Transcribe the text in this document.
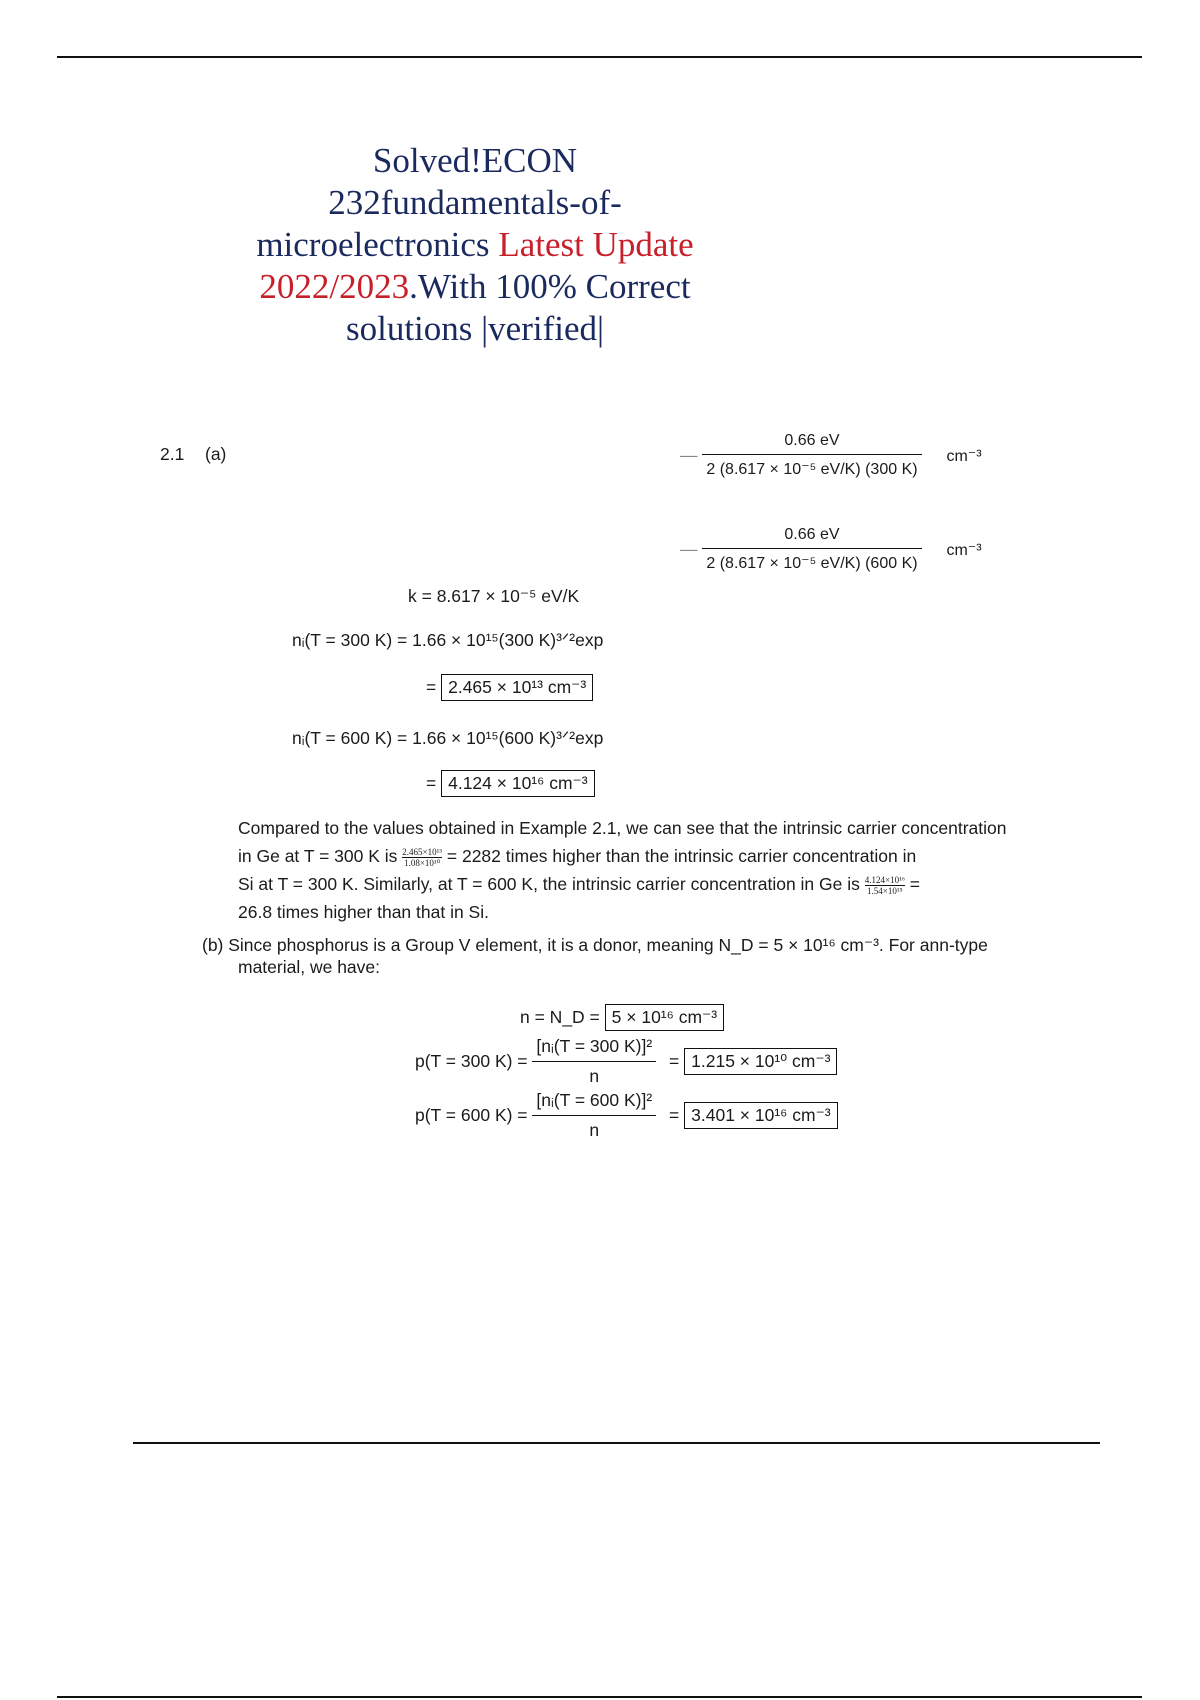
Solved!ECON 232fundamentals-of-microelectronics Latest Update 2022/2023.With 100% Correct solutions |verified|
2.1 (a)	— $\frac{0.66 eV}{\text{2 (8.617 × 10⁻⁵ eV/K) (300 K)}} cm^{-3}$
— $\frac{0.66 eV}{\text{2 (8.617 × 10⁻⁵ eV/K) (600 K)}} cm^{-3}$
k = 8.617 × 10⁻⁵ eV/K
nᵢ(T = 300 K) = 1.66 × 10¹⁵(300 K)³ᐟ²exp
= 2.465 × 10¹³ cm⁻³
nᵢ(T = 600 K) = 1.66 × 10¹⁵(600 K)³ᐟ²exp
= 4.124 × 10¹⁶ cm⁻³
Compared to the values obtained in Example 2.1, we can see that the intrinsic carrier concentration
in Ge at T = 300 K is $\frac{\text{2.465×10¹³}}{\text{1.08×10¹⁰}} = 2282$ times higher than the intrinsic carrier concentration in
Si at T = 300 K. Similarly, at T = 600 K, the intrinsic carrier concentration in Ge is $\frac{\text{4.124×10¹⁶}}{\text{1.54×10¹⁵}}$ =
26.8 times higher than that in Si.
(b) Since phosphorus is a Group V element, it is a donor, meaning N_D = 5 × 10¹⁶ cm⁻³. For ann-type
material, we have:
n = N_D = 5 × 10¹⁶ cm⁻³
p(T = 300 $K) = \frac{\text{[nᵢ(T = 300 K)]²}}{n} = 1.215 \times 10^{10}$ cm⁻³
p(T = 600 $K) = \frac{\text{[nᵢ(T = 600 K)]²}}{n} = 3.401 \times 10^{16}$ cm⁻³
